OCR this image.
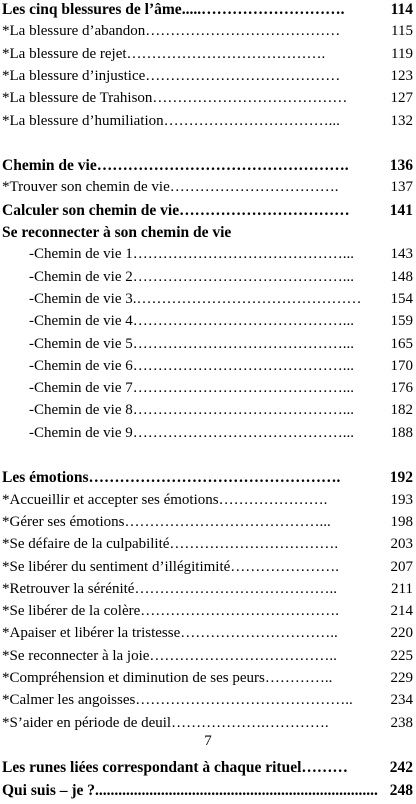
Les cinq blessures de l’âme.....……………………….	114
*La blessure d’abandon…………………………………	115
*La blessure de rejet………………………………….	119
*La blessure d’injustice…………………………………	123
*La blessure de Trahison…………………………………	127
*La blessure d’humiliation……………………………...	132
Chemin de vie………………………………………….	136
*Trouver son chemin de vie…………………………….	137
Calculer son chemin de vie……………………………	141
Se reconnecter à son chemin de vie
-Chemin de vie 1……………………………………...	143
-Chemin de vie 2……………………………………...	148
-Chemin de vie 3.………………………………………	154
-Chemin de vie 4……………………………………...	159
-Chemin de vie 5……………………………………...	165
-Chemin de vie 6……………………………………...	170
-Chemin de vie 7……………………………………...	176
-Chemin de vie 8……………………………………...	182
-Chemin de vie 9……………………………………...	188
Les émotions………………………………………….	192
*Accueillir et accepter ses émotions………………….	193
*Gérer ses émotions…………………………………...	198
*Se défaire de la culpabilité…………………………….	203
*Se libérer du sentiment d’illégitimité………………….	207
*Retrouver la sérénité…………………………………..	211
*Se libérer de la colère………………………………….	214
*Apaiser et libérer la tristesse…………………………..	220
*Se reconnecter à la joie………………………………..	225
*Compréhension et diminution de ses peurs…………..	229
*Calmer les angoisses……………………………………..	234
*S’aider en période de deuil……………….………….	238
Les runes liées correspondant à chaque rituel………	242
Qui suis – je ?......................................................................... 248
7
